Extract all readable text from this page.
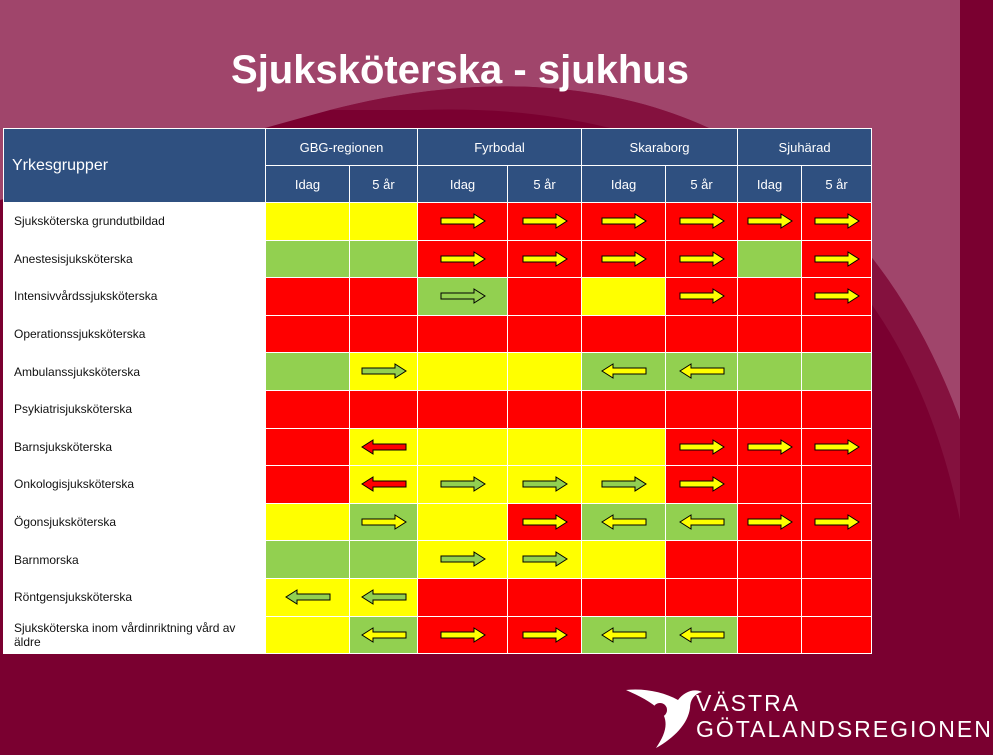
Sjuksköterska - sjukhus
Yrkesgrupper	GBG-regionen		Fyrbodal		Skaraborg		Sjuhärad	
	Idag	5 år	Idag	5 år	Idag	5 år	Idag	5 år
Sjuksköterska grundutbildad								
Anestesisjuksköterska								
Intensivvårdssjuksköterska								
Operationssjuksköterska								
Ambulanssjuksköterska								
Psykiatrisjuksköterska								
Barnsjuksköterska								
Onkologisjuksköterska								
Ögonsjuksköterska								
Barnmorska								
Röntgensjuksköterska								
Sjuksköterska inom vårdinriktning vård av äldre								
VÄSTRA
GÖTALANDSREGIONEN
